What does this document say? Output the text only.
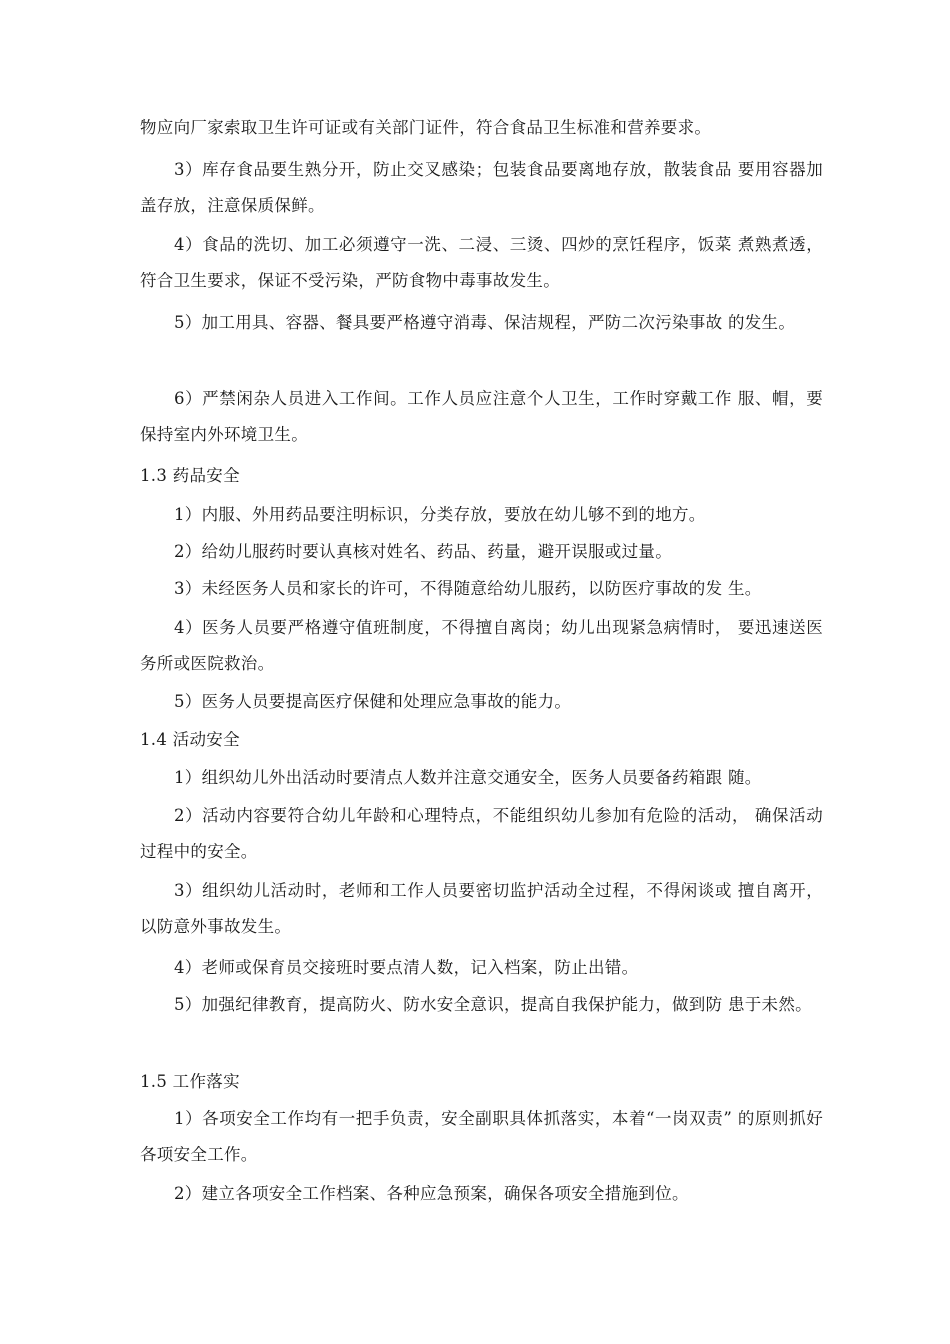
物应向厂家索取卫生许可证或有关部门证件，符合食品卫生标准和营养要求。

3）库存食品要生熟分开，防止交叉感染；包装食品要离地存放，散装食品 要用容器加盖存放，注意保质保鲜。

4）食品的洗切、加工必须遵守一洗、二浸、三烫、四炒的烹饪程序，饭菜 煮熟煮透，符合卫生要求，保证不受污染，严防食物中毒事故发生。

5）加工用具、容器、餐具要严格遵守消毒、保洁规程，严防二次污染事故 的发生。

6）严禁闲杂人员进入工作间。工作人员应注意个人卫生，工作时穿戴工作 服、帽，要保持室内外环境卫生。

1.3 药品安全

1）内服、外用药品要注明标识，分类存放，要放在幼儿够不到的地方。

2）给幼儿服药时要认真核对姓名、药品、药量，避开误服或过量。

3）未经医务人员和家长的许可，不得随意给幼儿服药，以防医疗事故的发 生。

4）医务人员要严格遵守值班制度，不得擅自离岗；幼儿出现紧急病情时， 要迅速送医务所或医院救治。

5）医务人员要提高医疗保健和处理应急事故的能力。

1.4 活动安全

1）组织幼儿外出活动时要清点人数并注意交通安全，医务人员要备药箱跟 随。

2）活动内容要符合幼儿年龄和心理特点，不能组织幼儿参加有危险的活动， 确保活动过程中的安全。

3）组织幼儿活动时，老师和工作人员要密切监护活动全过程，不得闲谈或 擅自离开，以防意外事故发生。

4）老师或保育员交接班时要点清人数，记入档案，防止出错。

5）加强纪律教育，提高防火、防水安全意识，提高自我保护能力，做到防 患于未然。

1.5 工作落实

1）各项安全工作均有一把手负责，安全副职具体抓落实，本着“一岗双责” 的原则抓好各项安全工作。

2）建立各项安全工作档案、各种应急预案，确保各项安全措施到位。
